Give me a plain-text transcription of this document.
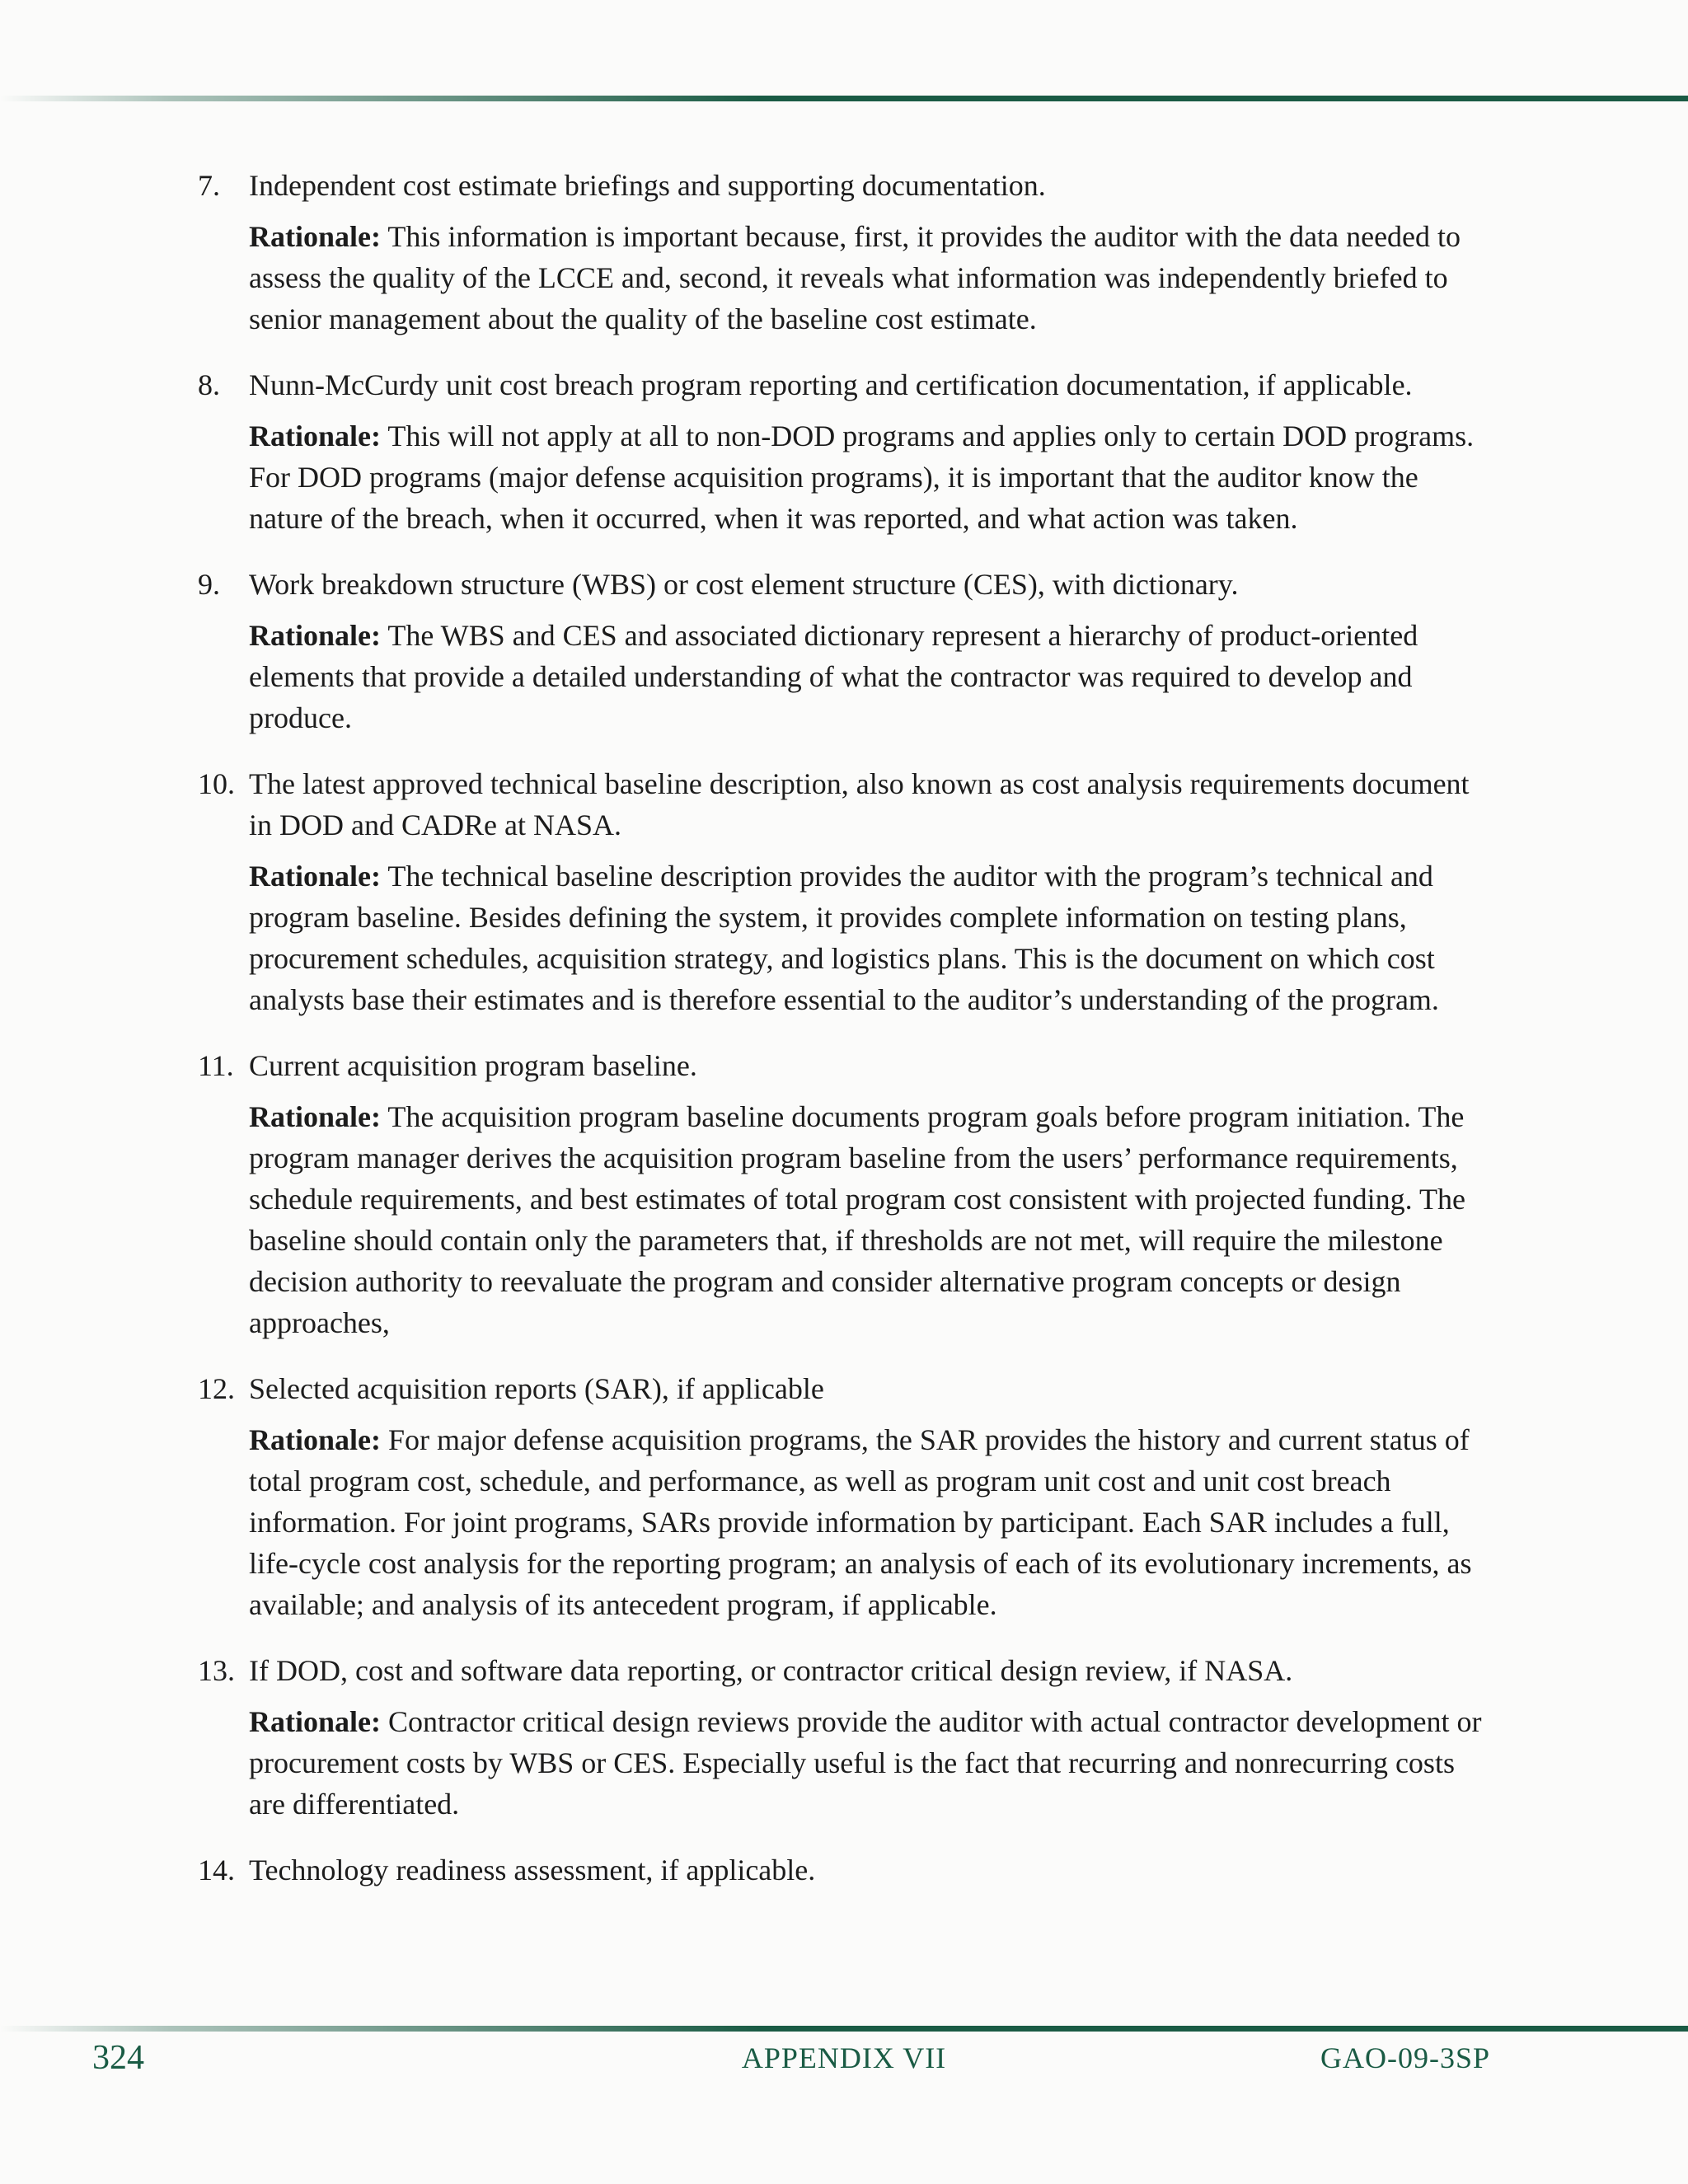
7. Independent cost estimate briefings and supporting documentation.
Rationale: This information is important because, first, it provides the auditor with the data needed to assess the quality of the LCCE and, second, it reveals what information was independently briefed to senior management about the quality of the baseline cost estimate.
8. Nunn-McCurdy unit cost breach program reporting and certification documentation, if applicable.
Rationale: This will not apply at all to non-DOD programs and applies only to certain DOD programs. For DOD programs (major defense acquisition programs), it is important that the auditor know the nature of the breach, when it occurred, when it was reported, and what action was taken.
9. Work breakdown structure (WBS) or cost element structure (CES), with dictionary.
Rationale: The WBS and CES and associated dictionary represent a hierarchy of product-oriented elements that provide a detailed understanding of what the contractor was required to develop and produce.
10. The latest approved technical baseline description, also known as cost analysis requirements document in DOD and CADRe at NASA.
Rationale: The technical baseline description provides the auditor with the program’s technical and program baseline. Besides defining the system, it provides complete information on testing plans, procurement schedules, acquisition strategy, and logistics plans. This is the document on which cost analysts base their estimates and is therefore essential to the auditor’s understanding of the program.
11. Current acquisition program baseline.
Rationale: The acquisition program baseline documents program goals before program initiation. The program manager derives the acquisition program baseline from the users’ performance requirements, schedule requirements, and best estimates of total program cost consistent with projected funding. The baseline should contain only the parameters that, if thresholds are not met, will require the milestone decision authority to reevaluate the program and consider alternative program concepts or design approaches,
12. Selected acquisition reports (SAR), if applicable
Rationale: For major defense acquisition programs, the SAR provides the history and current status of total program cost, schedule, and performance, as well as program unit cost and unit cost breach information. For joint programs, SARs provide information by participant. Each SAR includes a full, life-cycle cost analysis for the reporting program; an analysis of each of its evolutionary increments, as available; and analysis of its antecedent program, if applicable.
13. If DOD, cost and software data reporting, or contractor critical design review, if NASA.
Rationale: Contractor critical design reviews provide the auditor with actual contractor development or procurement costs by WBS or CES. Especially useful is the fact that recurring and nonrecurring costs are differentiated.
14. Technology readiness assessment, if applicable.
324	APPENDIX VII	GAO-09-3SP
